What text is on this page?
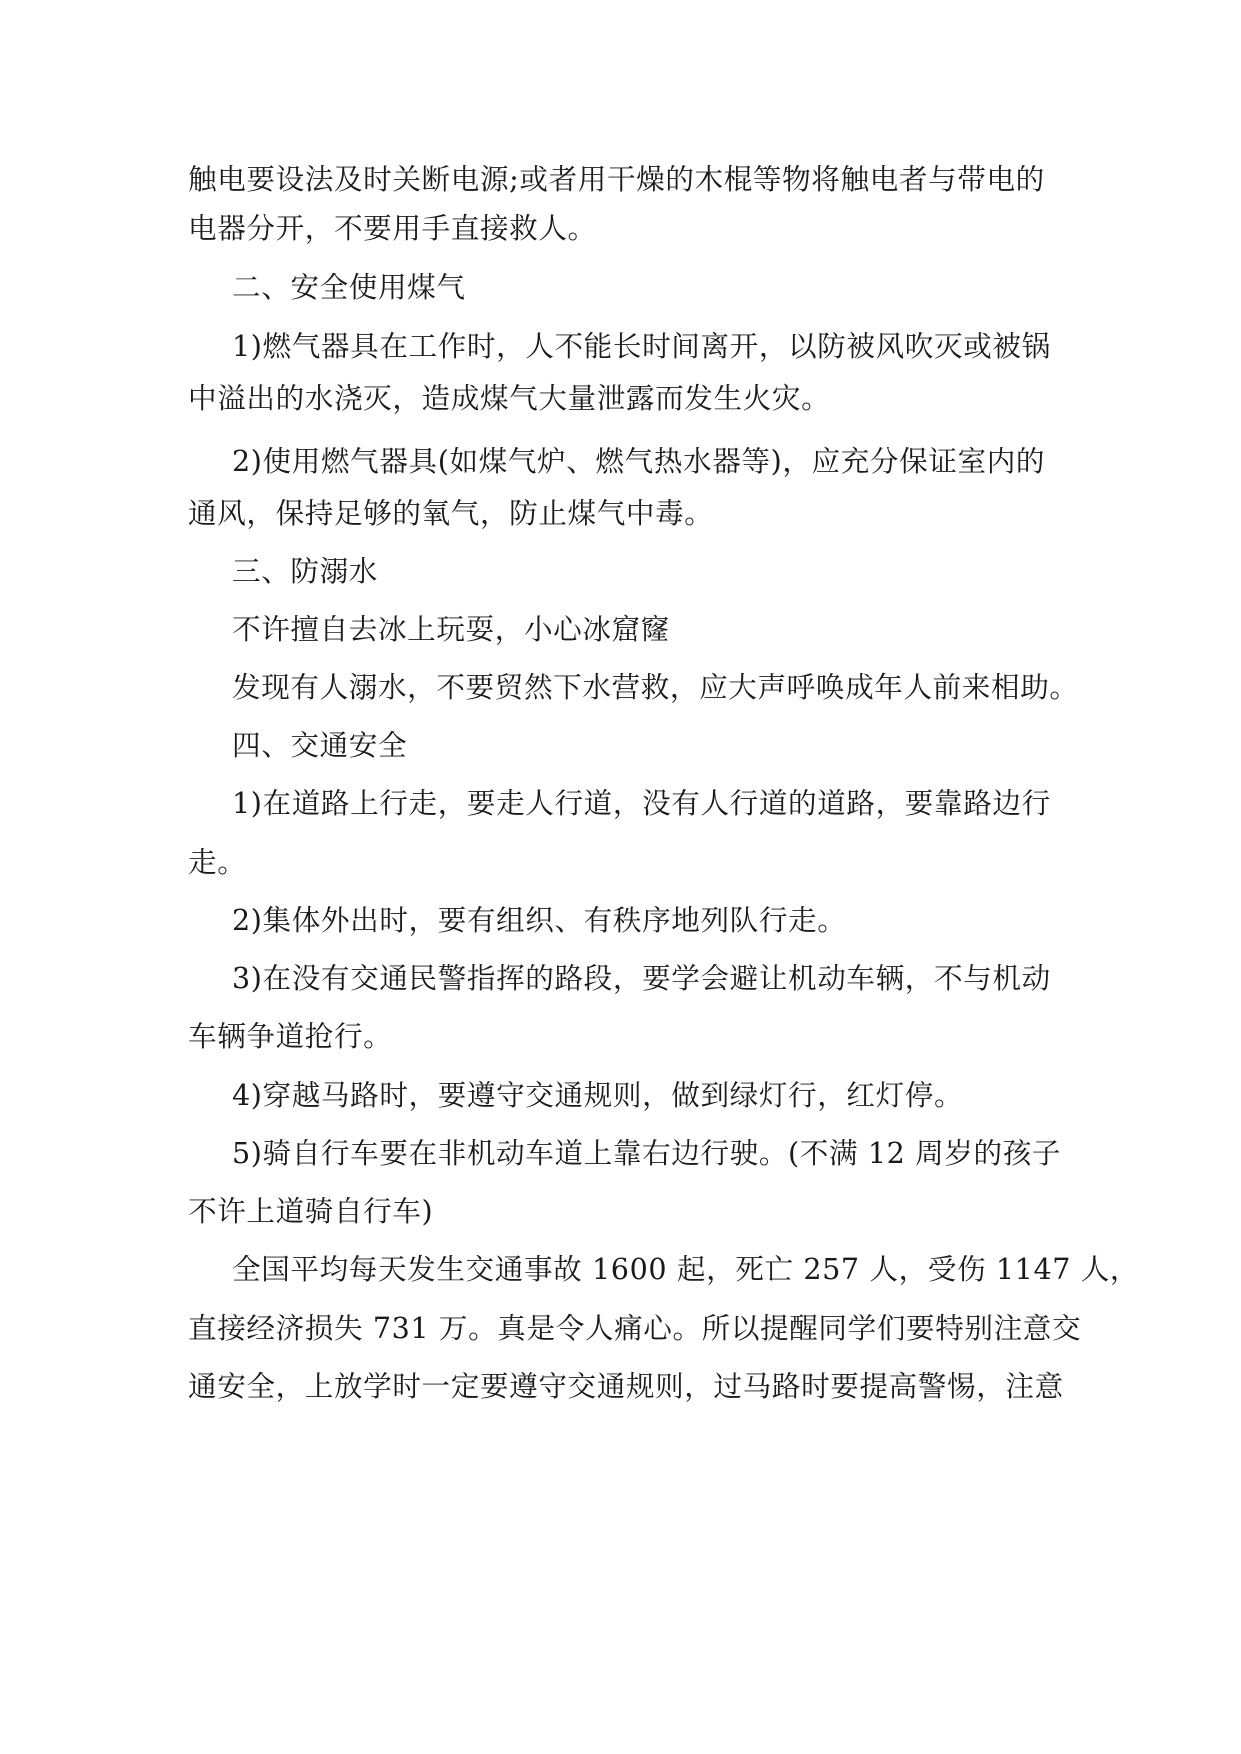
触电要设法及时关断电源;或者用干燥的木棍等物将触电者与带电的
电器分开，不要用手直接救人。
二、安全使用煤气
1)燃气器具在工作时，人不能长时间离开，以防被风吹灭或被锅
中溢出的水浇灭，造成煤气大量泄露而发生火灾。
2)使用燃气器具(如煤气炉、燃气热水器等)，应充分保证室内的
通风，保持足够的氧气，防止煤气中毒。
三、防溺水
不许擅自去冰上玩耍，小心冰窟窿
发现有人溺水，不要贸然下水营救，应大声呼唤成年人前来相助。
四、交通安全
1)在道路上行走，要走人行道，没有人行道的道路，要靠路边行
走。
2)集体外出时，要有组织、有秩序地列队行走。
3)在没有交通民警指挥的路段，要学会避让机动车辆，不与机动
车辆争道抢行。
4)穿越马路时，要遵守交通规则，做到绿灯行，红灯停。
5)骑自行车要在非机动车道上靠右边行驶。(不满 12 周岁的孩子
不许上道骑自行车)
全国平均每天发生交通事故 1600 起，死亡 257 人，受伤 1147 人，
直接经济损失 731 万。真是令人痛心。所以提醒同学们要特别注意交
通安全，上放学时一定要遵守交通规则，过马路时要提高警惕，注意
